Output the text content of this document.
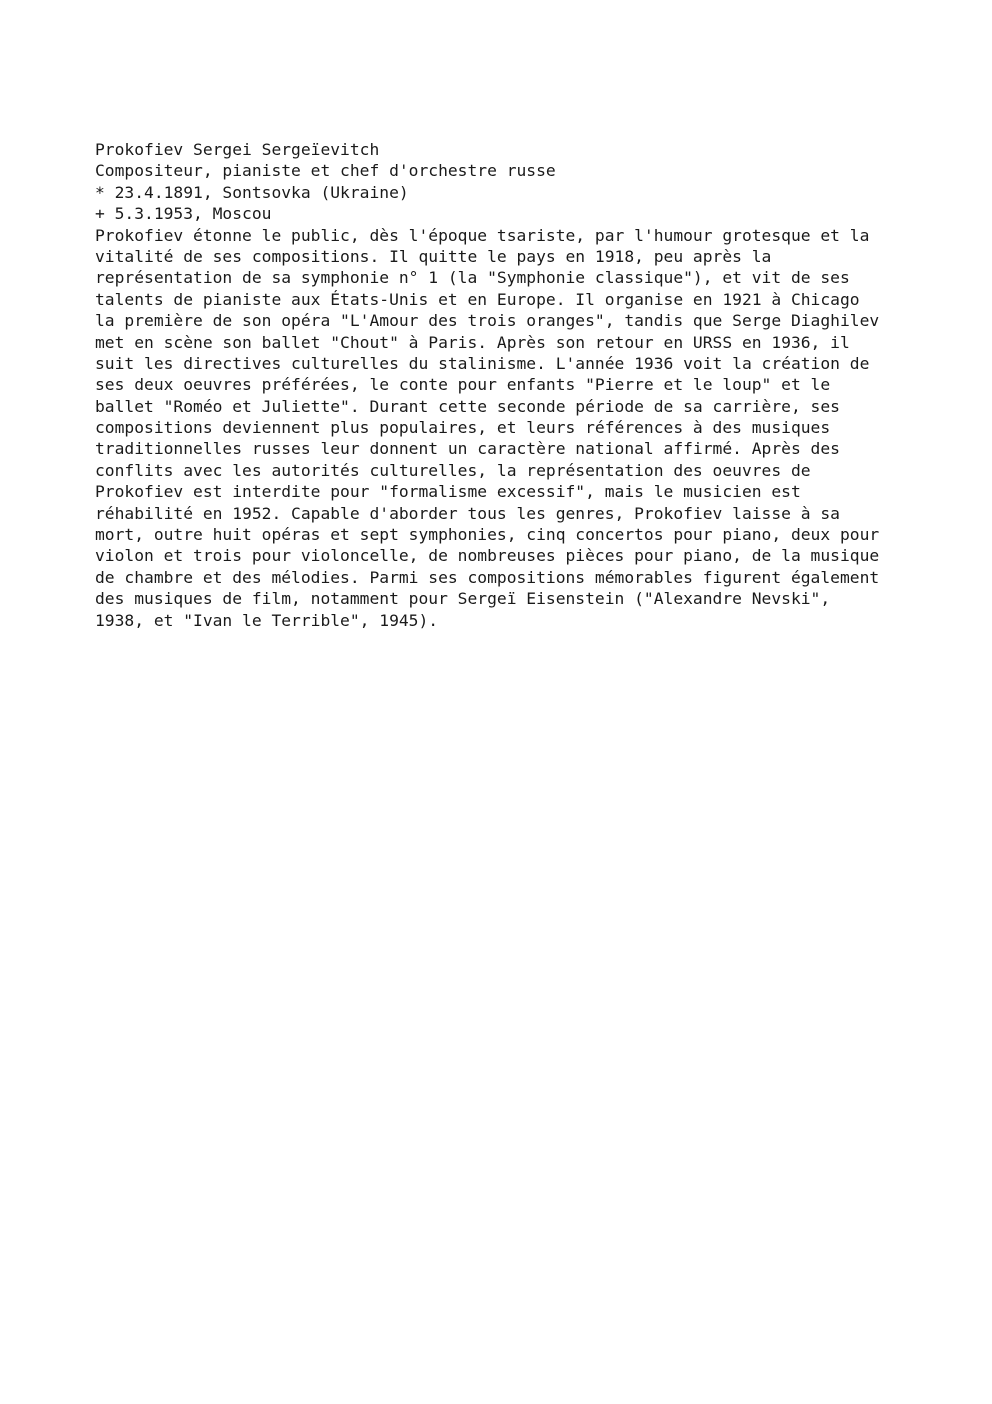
Prokofiev Sergei Sergeïevitch
Compositeur, pianiste et chef d'orchestre russe
* 23.4.1891, Sontsovka (Ukraine)
+ 5.3.1953, Moscou
Prokofiev étonne le public, dès l'époque tsariste, par l'humour grotesque et la
vitalité de ses compositions. Il quitte le pays en 1918, peu après la
représentation de sa symphonie n° 1 (la "Symphonie classique"), et vit de ses
talents de pianiste aux États-Unis et en Europe. Il organise en 1921 à Chicago
la première de son opéra "L'Amour des trois oranges", tandis que Serge Diaghilev
met en scène son ballet "Chout" à Paris. Après son retour en URSS en 1936, il
suit les directives culturelles du stalinisme. L'année 1936 voit la création de
ses deux oeuvres préférées, le conte pour enfants "Pierre et le loup" et le
ballet "Roméo et Juliette". Durant cette seconde période de sa carrière, ses
compositions deviennent plus populaires, et leurs références à des musiques
traditionnelles russes leur donnent un caractère national affirmé. Après des
conflits avec les autorités culturelles, la représentation des oeuvres de
Prokofiev est interdite pour "formalisme excessif", mais le musicien est
réhabilité en 1952. Capable d'aborder tous les genres, Prokofiev laisse à sa
mort, outre huit opéras et sept symphonies, cinq concertos pour piano, deux pour
violon et trois pour violoncelle, de nombreuses pièces pour piano, de la musique
de chambre et des mélodies. Parmi ses compositions mémorables figurent également
des musiques de film, notamment pour Sergeï Eisenstein ("Alexandre Nevski",
1938, et "Ivan le Terrible", 1945).
